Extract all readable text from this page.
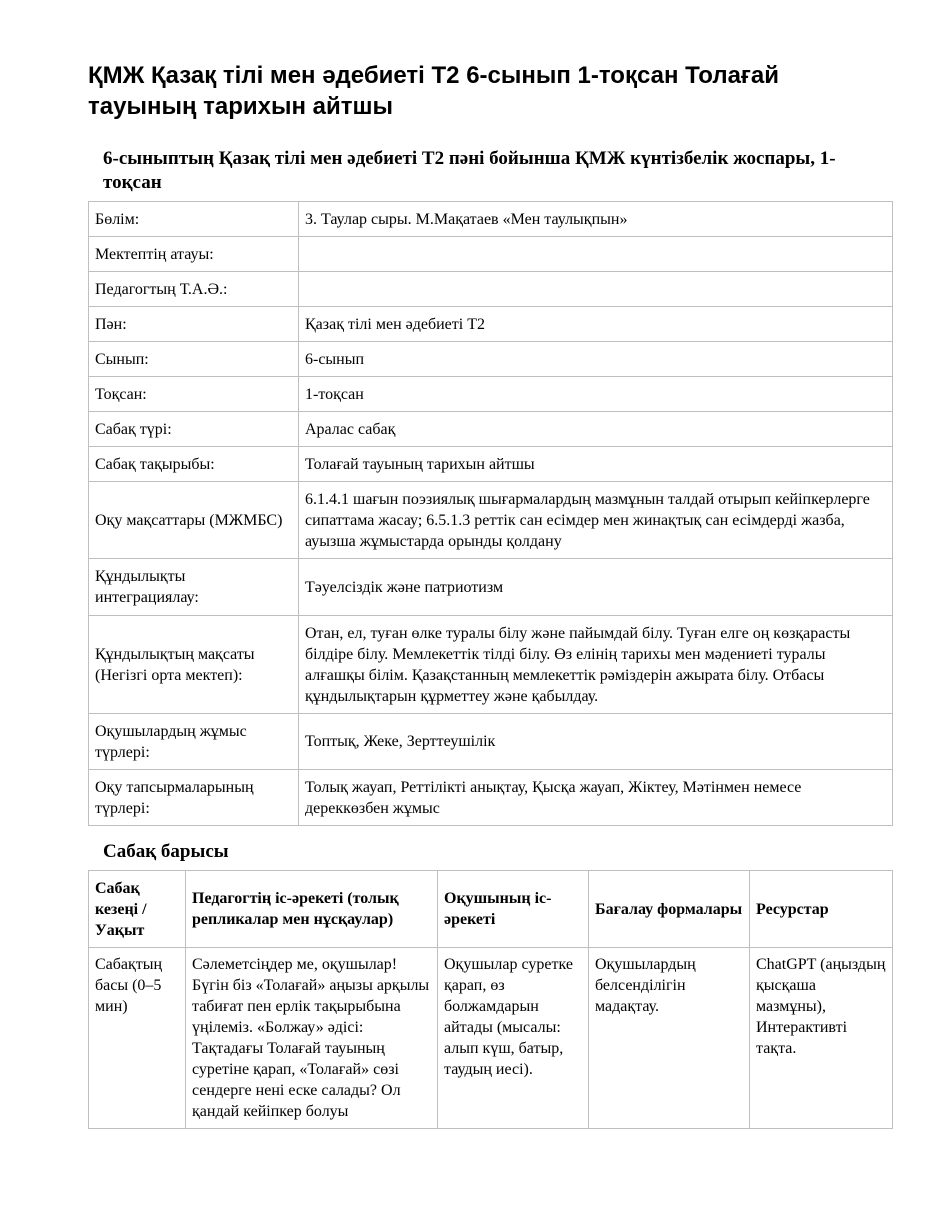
ҚМЖ Қазақ тілі мен әдебиеті Т2 6-сынып 1-тоқсан Толағай тауының тарихын айтшы
6-сыныптың Қазақ тілі мен әдебиеті Т2 пәні бойынша ҚМЖ күнтізбелік жоспары, 1-тоқсан
Бөлім:	3. Таулар сыры. М.Мақатаев «Мен таулықпын»
Мектептің атауы:	
Педагогтың Т.А.Ә.:	
Пән:	Қазақ тілі мен әдебиеті Т2
Сынып:	6-сынып
Тоқсан:	1-тоқсан
Сабақ түрі:	Аралас сабақ
Сабақ тақырыбы:	Толағай тауының тарихын айтшы
Оқу мақсаттары (МЖМБС)	6.1.4.1 шағын поэзиялық шығармалардың мазмұнын талдай отырып кейіпкерлерге сипаттама жасау; 6.5.1.3 реттік сан есімдер мен жинақтық сан есімдерді жазба, ауызша жұмыстарда орынды қолдану
Құндылықты интеграциялау:	Тәуелсіздік және патриотизм
Құндылықтың мақсаты (Негізгі орта мектеп):	Отан, ел, туған өлке туралы білу және пайымдай білу. Туған елге оң көзқарасты білдіре білу. Мемлекеттік тілді білу. Өз елінің тарихы мен мәдениеті туралы алғашқы білім. Қазақстанның мемлекеттік рәміздерін ажырата білу. Отбасы құндылықтарын құрметтеу және қабылдау.
Оқушылардың жұмыс түрлері:	Топтық, Жеке, Зерттеушілік
Оқу тапсырмаларының түрлері:	Толық жауап, Реттілікті анықтау, Қысқа жауап, Жіктеу, Мәтінмен немесе дереккөзбен жұмыс
Сабақ барысы
Сабақ кезеңі / Уақыт	Педагогтің іс-әрекеті (толық репликалар мен нұсқаулар)	Оқушының іс-әрекеті	Бағалау формалары	Ресурстар
Сабақтың басы (0–5 мин)	Сәлеметсіңдер ме, оқушылар! Бүгін біз «Толағай» аңызы арқылы табиғат пен ерлік тақырыбына үңілеміз. «Болжау» әдісі: Тақтадағы Толағай тауының суретіне қарап, «Толағай» сөзі сендерге нені еске салады? Ол қандай кейіпкер болуы	Оқушылар суретке қарап, өз болжамдарын айтады (мысалы: алып күш, батыр, таудың иесі).	Оқушылардың белсенділігін мадақтау.	ChatGPT (аңыздың қысқаша мазмұны), Интерактивті тақта.
